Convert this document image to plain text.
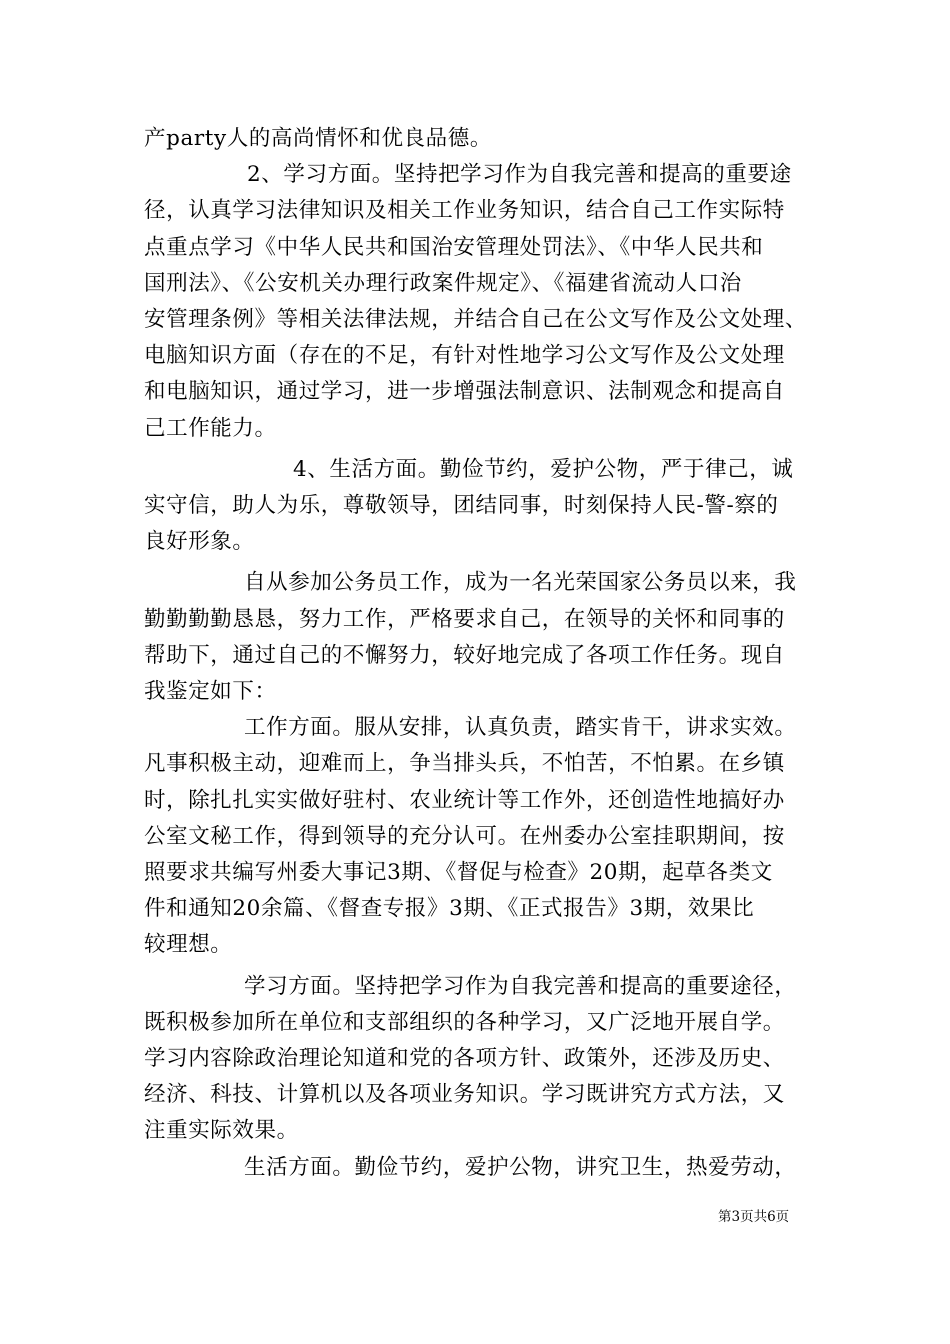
产party人的高尚情怀和优良品德。
2、学习方面。坚持把学习作为自我完善和提高的重要途
径，认真学习法律知识及相关工作业务知识，结合自己工作实际特
点重点学习《中华人民共和国治安管理处罚法》、《中华人民共和
国刑法》、《公安机关办理行政案件规定》、《福建省流动人口治
安管理条例》等相关法律法规，并结合自己在公文写作及公文处理、
电脑知识方面（存在的不足，有针对性地学习公文写作及公文处理
和电脑知识，通过学习，进一步增强法制意识、法制观念和提高自
己工作能力。
4、生活方面。勤俭节约，爱护公物，严于律己，诚
实守信，助人为乐，尊敬领导，团结同事，时刻保持人民-警-察的
良好形象。
自从参加公务员工作，成为一名光荣国家公务员以来，我
勤勤勤勤恳恳，努力工作，严格要求自己，在领导的关怀和同事的
帮助下，通过自己的不懈努力，较好地完成了各项工作任务。现自
我鉴定如下：
工作方面。服从安排，认真负责，踏实肯干，讲求实效。
凡事积极主动，迎难而上，争当排头兵，不怕苦，不怕累。在乡镇
时，除扎扎实实做好驻村、农业统计等工作外，还创造性地搞好办
公室文秘工作，得到领导的充分认可。在州委办公室挂职期间，按
照要求共编写州委大事记3期、《督促与检查》20期，起草各类文
件和通知20余篇、《督查专报》3期、《正式报告》3期，效果比
较理想。
学习方面。坚持把学习作为自我完善和提高的重要途径，
既积极参加所在单位和支部组织的各种学习，又广泛地开展自学。
学习内容除政治理论知道和党的各项方针、政策外，还涉及历史、
经济、科技、计算机以及各项业务知识。学习既讲究方式方法，又
注重实际效果。
生活方面。勤俭节约，爱护公物，讲究卫生，热爱劳动，
第3页共6页
